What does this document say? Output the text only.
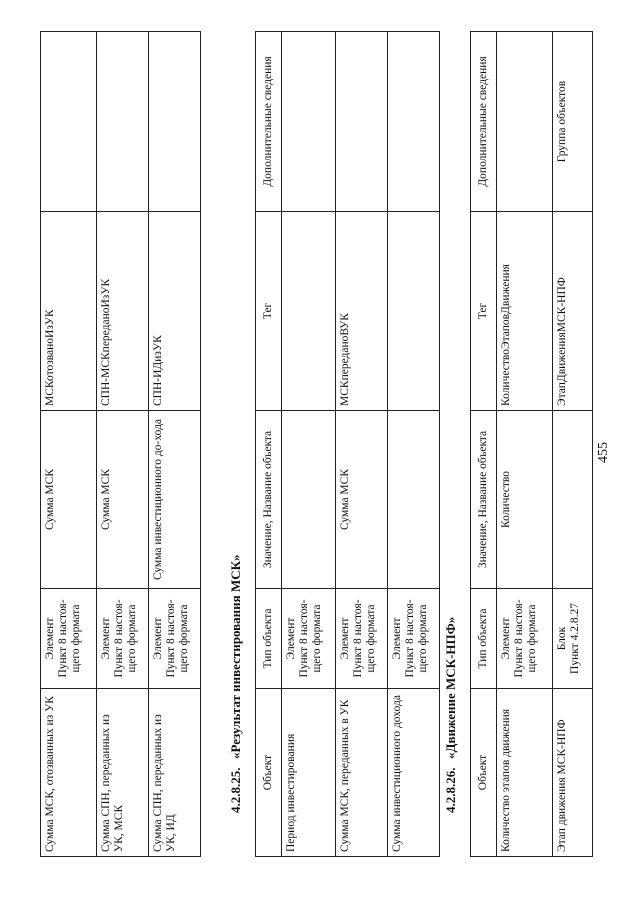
Сумма МСК, отозванных из УК	Элемент Пункт 8 настоя- щего формата	Сумма МСК	МСКотозваноИзУК	
Сумма СПН, переданных из УК, МСК	Элемент Пункт 8 настоя- щего формата	Сумма МСК	СПН-МСКпереданоИзУК	
Сумма СПН, переданных из УК, ИД	Элемент Пункт 8 настоя- щего формата	Сумма инвестиционного до-хода	СПН-ИДизУК	
4.2.8.25.«Результат инвестирования МСК»
Объект	Тип объекта	Значение, Название объекта	Тег	Дополнительные сведения
Период инвестирования	Элемент Пункт 8 настоя- щего формата			

Сумма МСК, переданных в УК	Элемент Пункт 8 настоя- щего формата	Сумма МСК	МСКпереданоВУК	
Сумма инвестиционного дохода	Элемент Пункт 8 настоя- щего формата			

4.2.8.26.«Движение МСК-НПФ»
Объект	Тип объекта	Значение, Название объекта	Тег	Дополнительные сведения
Количество этапов движения	Элемент Пункт 8 настоя- щего формата	Количество	КоличествоЭтаповДвижения	
Этап движения МСК-НПФ	Блок Пункт 4.2.8.27		ЭтапДвиженияМСК-НПФ	Группа объектов
455
